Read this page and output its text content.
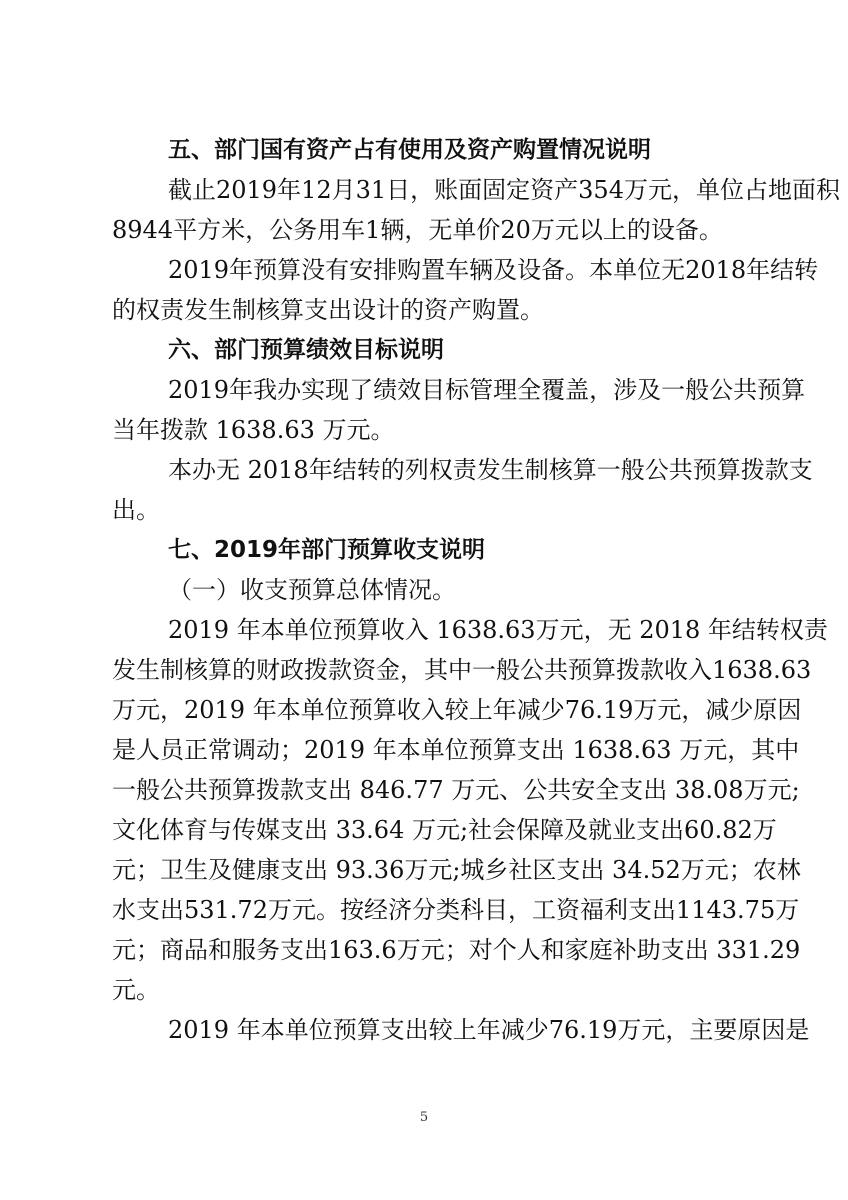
五、部门国有资产占有使用及资产购置情况说明
截止2019年12月31日，账面固定资产354万元，单位占地面积
8944平方米，公务用车1辆，无单价20万元以上的设备。
2019年预算没有安排购置车辆及设备。本单位无2018年结转
的权责发生制核算支出设计的资产购置。
六、部门预算绩效目标说明
2019年我办实现了绩效目标管理全覆盖，涉及一般公共预算
当年拨款 1638.63 万元。
本办无 2018年结转的列权责发生制核算一般公共预算拨款支
出。
七、2019年部门预算收支说明
（一）收支预算总体情况。
2019 年本单位预算收入 1638.63万元，无 2018 年结转权责
发生制核算的财政拨款资金，其中一般公共预算拨款收入1638.63
万元，2019 年本单位预算收入较上年减少76.19万元，减少原因
是人员正常调动；2019 年本单位预算支出 1638.63 万元，其中
一般公共预算拨款支出 846.77 万元、公共安全支出 38.08万元;
文化体育与传媒支出 33.64 万元;社会保障及就业支出60.82万
元；卫生及健康支出 93.36万元;城乡社区支出 34.52万元；农林
水支出531.72万元。按经济分类科目，工资福利支出1143.75万
元；商品和服务支出163.6万元；对个人和家庭补助支出 331.29
元。
2019 年本单位预算支出较上年减少76.19万元，主要原因是
5
